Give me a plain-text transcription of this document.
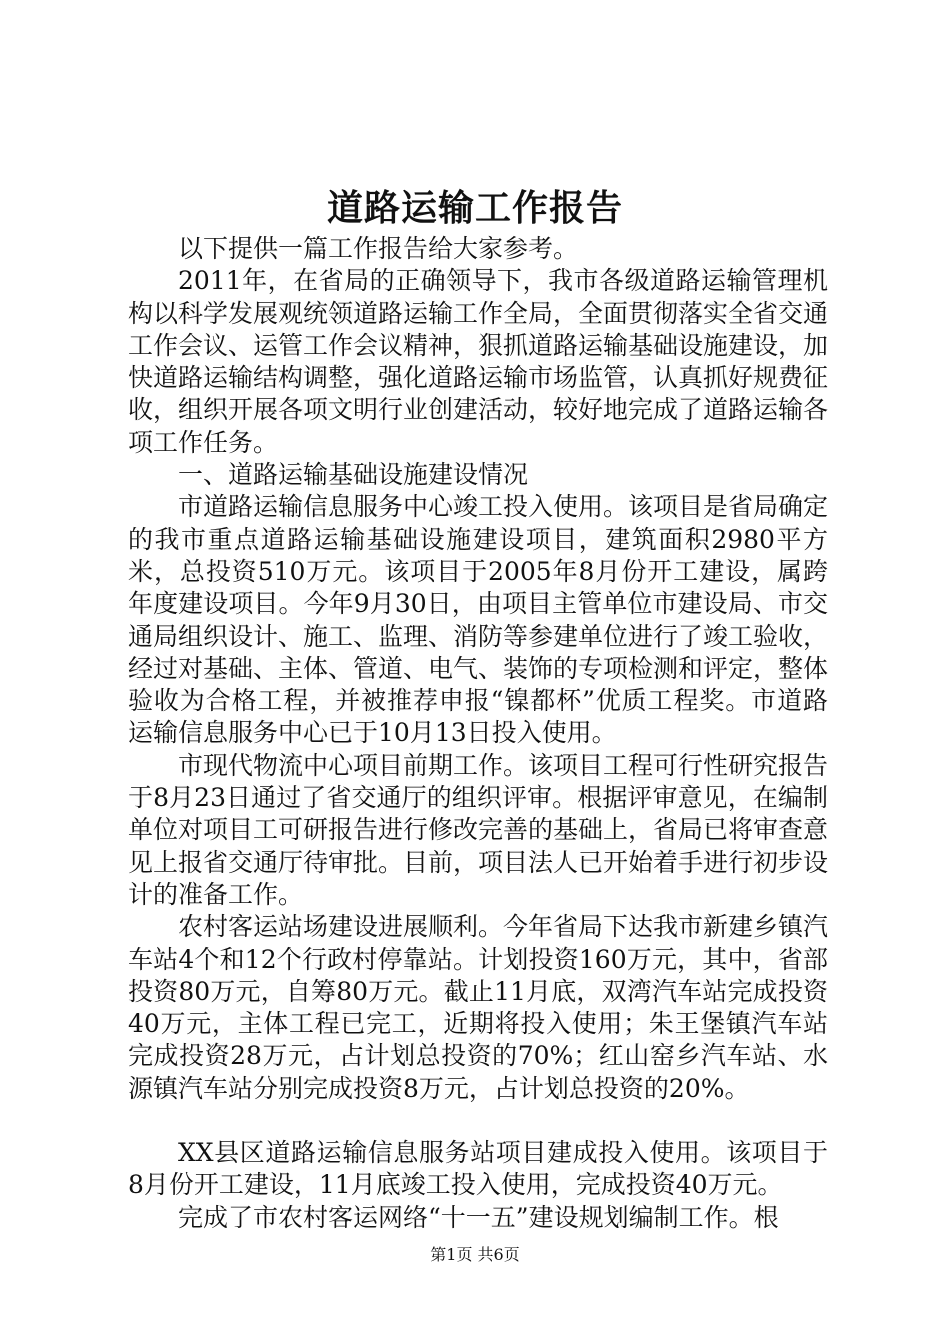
道路运输工作报告

以下提供一篇工作报告给大家参考。

2011年，在省局的正确领导下，我市各级道路运输管理机构以科学发展观统领道路运输工作全局，全面贯彻落实全省交通工作会议、运管工作会议精神，狠抓道路运输基础设施建设，加快道路运输结构调整，强化道路运输市场监管，认真抓好规费征收，组织开展各项文明行业创建活动，较好地完成了道路运输各项工作任务。

一、道路运输基础设施建设情况

市道路运输信息服务中心竣工投入使用。该项目是省局确定的我市重点道路运输基础设施建设项目，建筑面积2980平方米，总投资510万元。该项目于2005年8月份开工建设，属跨年度建设项目。今年9月30日，由项目主管单位市建设局、市交通局组织设计、施工、监理、消防等参建单位进行了竣工验收，经过对基础、主体、管道、电气、装饰的专项检测和评定，整体验收为合格工程，并被推荐申报“镍都杯”优质工程奖。市道路运输信息服务中心已于10月13日投入使用。

市现代物流中心项目前期工作。该项目工程可行性研究报告于8月23日通过了省交通厅的组织评审。根据评审意见，在编制单位对项目工可研报告进行修改完善的基础上，省局已将审查意见上报省交通厅待审批。目前，项目法人已开始着手进行初步设计的准备工作。

农村客运站场建设进展顺利。今年省局下达我市新建乡镇汽车站4个和12个行政村停靠站。计划投资160万元，其中，省部投资80万元，自筹80万元。截止11月底，双湾汽车站完成投资40万元，主体工程已完工，近期将投入使用；朱王堡镇汽车站完成投资28万元，占计划总投资的70%；红山窑乡汽车站、水源镇汽车站分别完成投资8万元，占计划总投资的20%。

XX县区道路运输信息服务站项目建成投入使用。该项目于8月份开工建设，11月底竣工投入使用，完成投资40万元。

完成了市农村客运网络“十一五”建设规划编制工作。根

第1页 共6页
